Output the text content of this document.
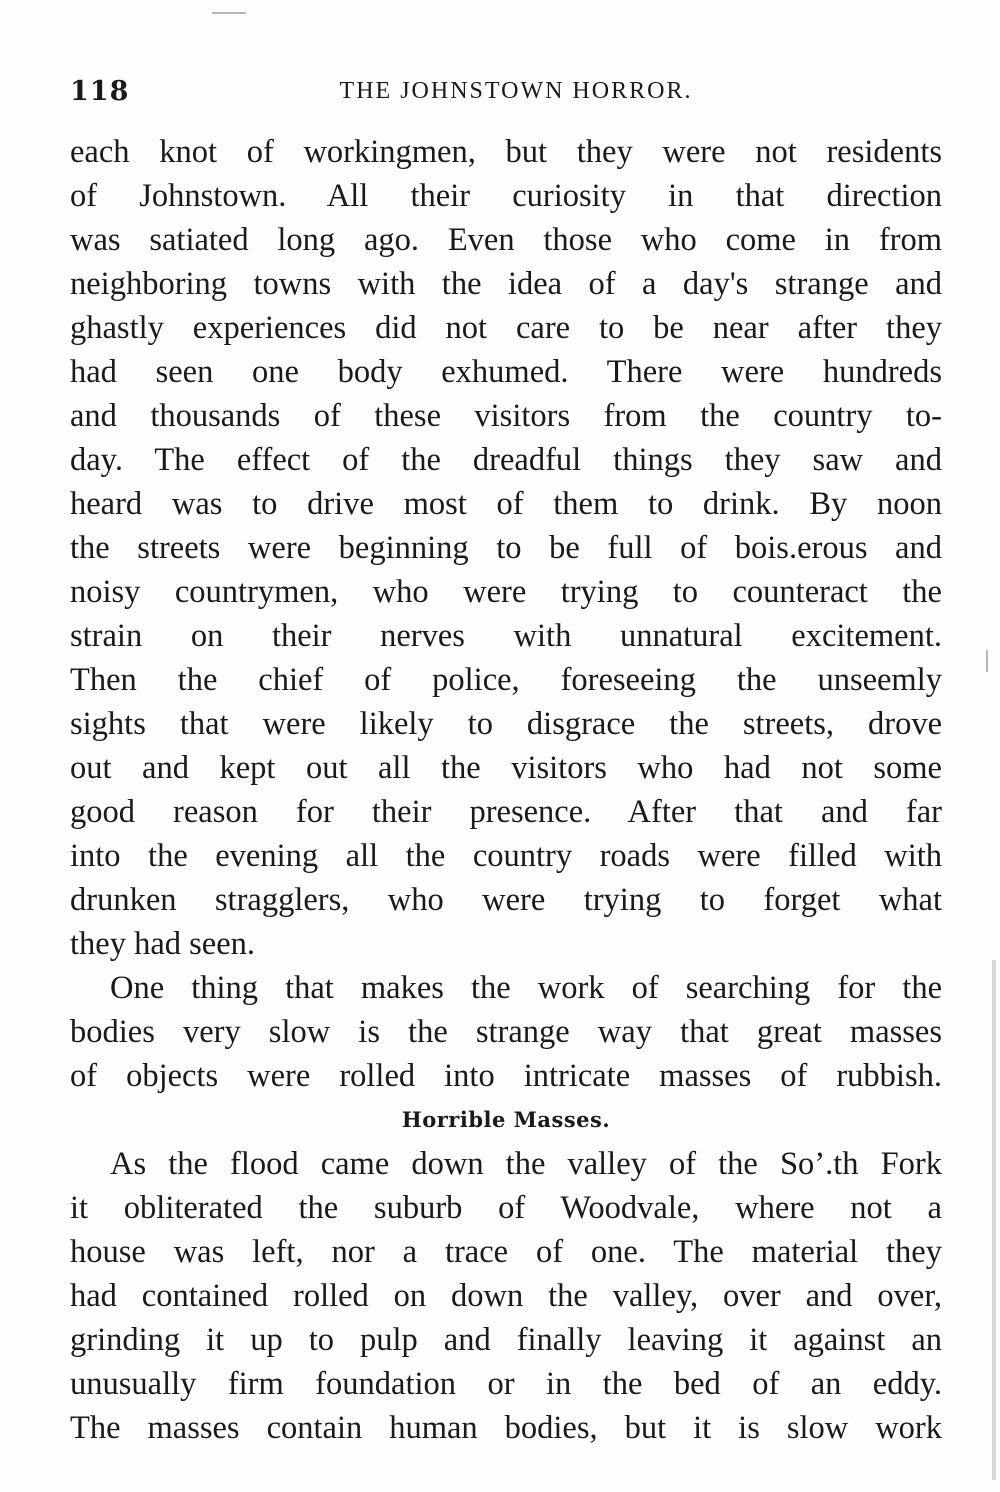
118	THE JOHNSTOWN HORROR.
each knot of workingmen, but they were not residents
of Johnstown. All their curiosity in that direction
was satiated long ago. Even those who come in from
neighboring towns with the idea of a day's strange and
ghastly experiences did not care to be near after they
had seen one body exhumed. There were hundreds
and thousands of these visitors from the country to-
day. The effect of the dreadful things they saw and
heard was to drive most of them to drink. By noon
the streets were beginning to be full of bois.erous and
noisy countrymen, who were trying to counteract the
strain on their nerves with unnatural excitement.
Then the chief of police, foreseeing the unseemly
sights that were likely to disgrace the streets, drove
out and kept out all the visitors who had not some
good reason for their presence. After that and far
into the evening all the country roads were filled with
drunken stragglers, who were trying to forget what
they had seen.
One thing that makes the work of searching for the
bodies very slow is the strange way that great masses
of objects were rolled into intricate masses of rubbish.
Horrible Masses.
As the flood came down the valley of the So’.th Fork
it obliterated the suburb of Woodvale, where not a
house was left, nor a trace of one. The material they
had contained rolled on down the valley, over and over,
grinding it up to pulp and finally leaving it against an
unusually firm foundation or in the bed of an eddy.
The masses contain human bodies, but it is slow work
